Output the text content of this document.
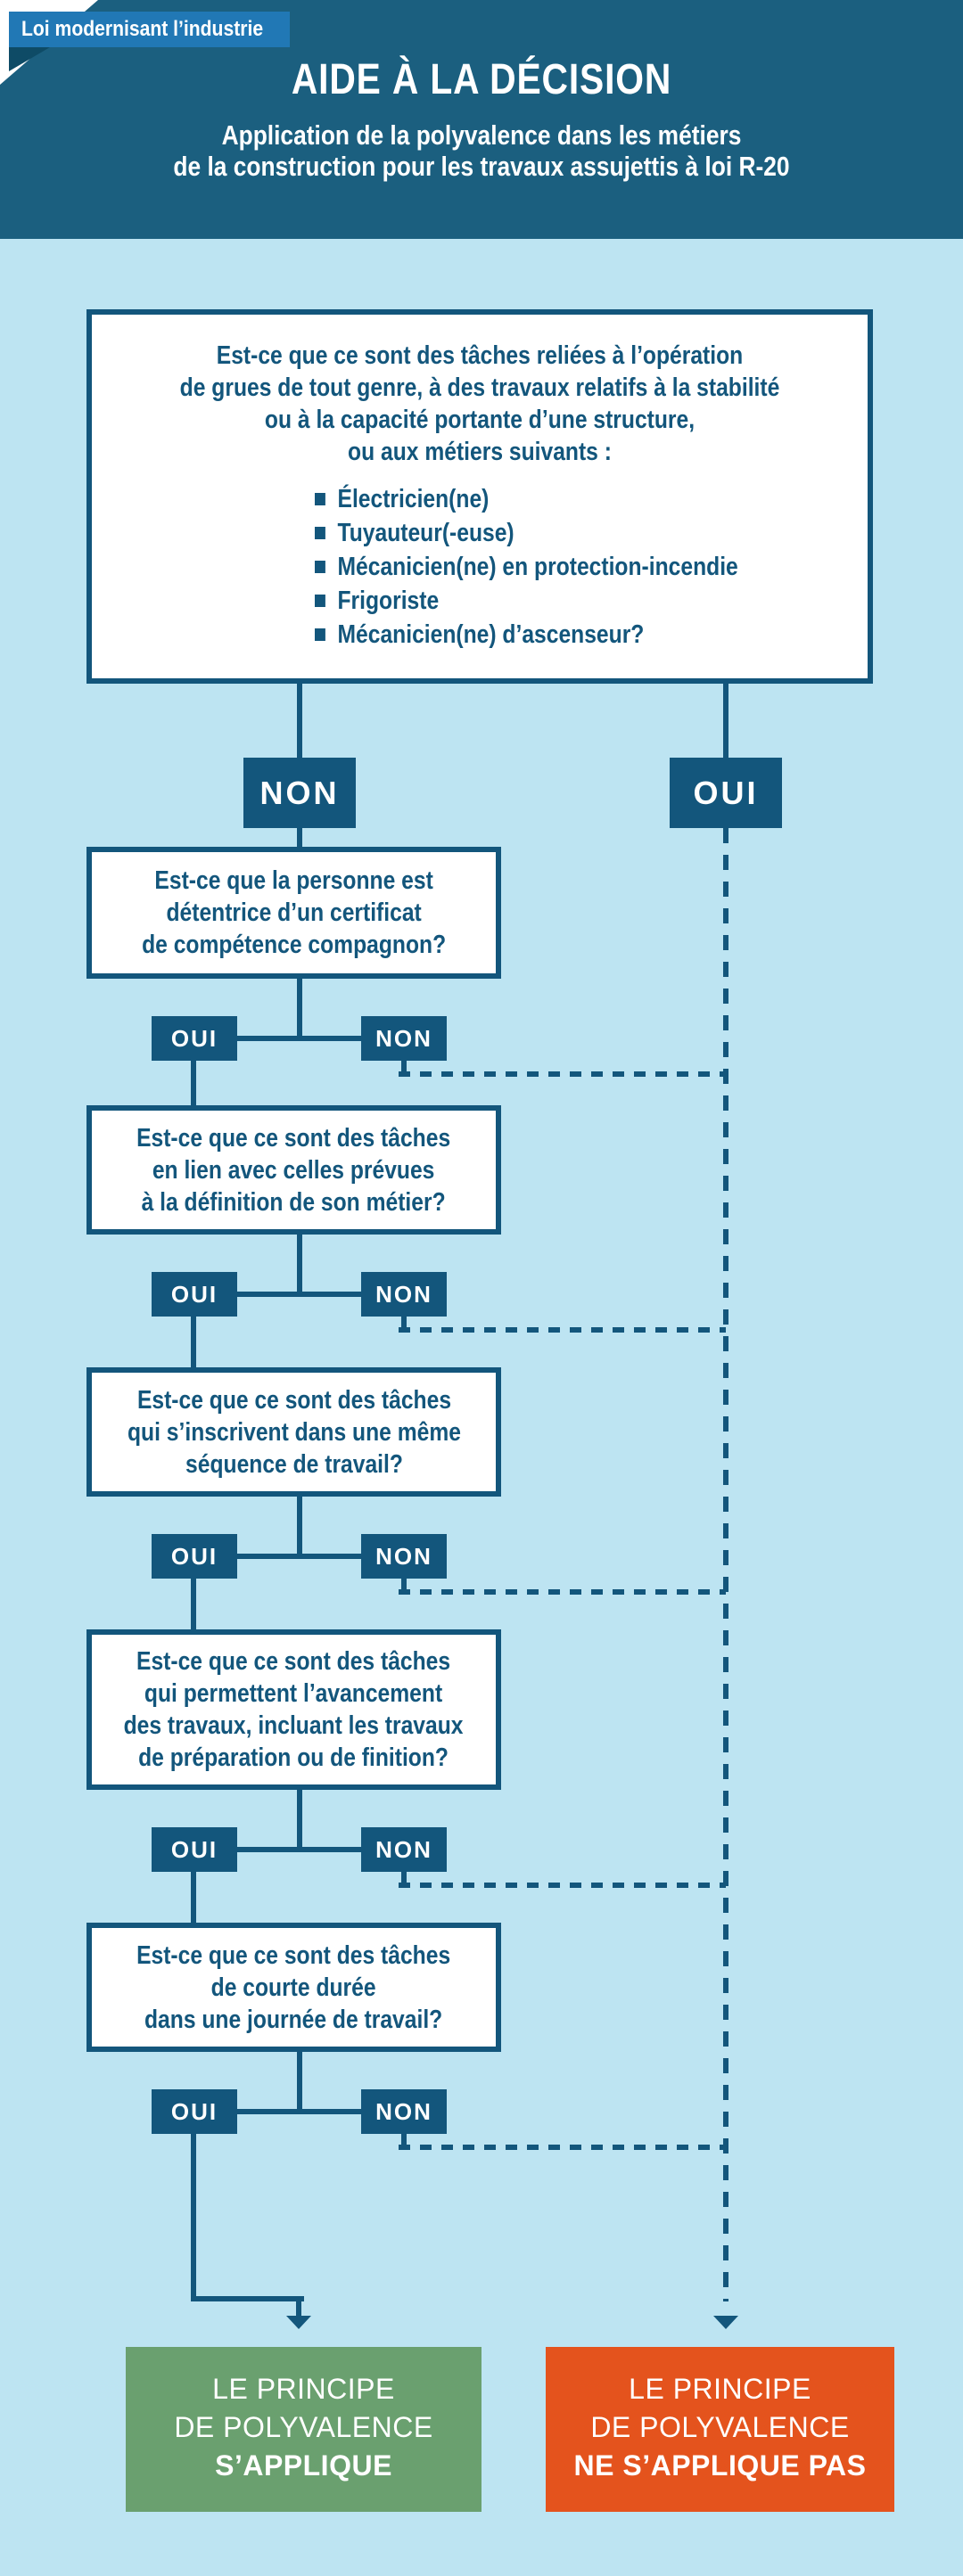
Loi modernisant l’industrie
AIDE À LA DÉCISION
Application de la polyvalence dans les métiers
de la construction pour les travaux assujettis à loi R-20
Est-ce que ce sont des tâches reliées à l’opération
de grues de tout genre, à des travaux relatifs à la stabilité
ou à la capacité portante d’une structure,
ou aux métiers suivants :
Électricien(ne)
Tuyauteur(-euse)
Mécanicien(ne) en protection-incendie
Frigoriste
Mécanicien(ne) d’ascenseur?
NON	OUI
Est-ce que la personne est
détentrice d’un certificat
de compétence compagnon?
OUI	NON
Est-ce que ce sont des tâches
en lien avec celles prévues
à la définition de son métier?
OUI	NON
Est-ce que ce sont des tâches
qui s’inscrivent dans une même
séquence de travail?
OUI	NON
Est-ce que ce sont des tâches
qui permettent l’avancement
des travaux, incluant les travaux
de préparation ou de finition?
OUI	NON
Est-ce que ce sont des tâches
de courte durée
dans une journée de travail?
OUI	NON
LE PRINCIPE
DE POLYVALENCE
S’APPLIQUE
LE PRINCIPE
DE POLYVALENCE
NE S’APPLIQUE PAS
